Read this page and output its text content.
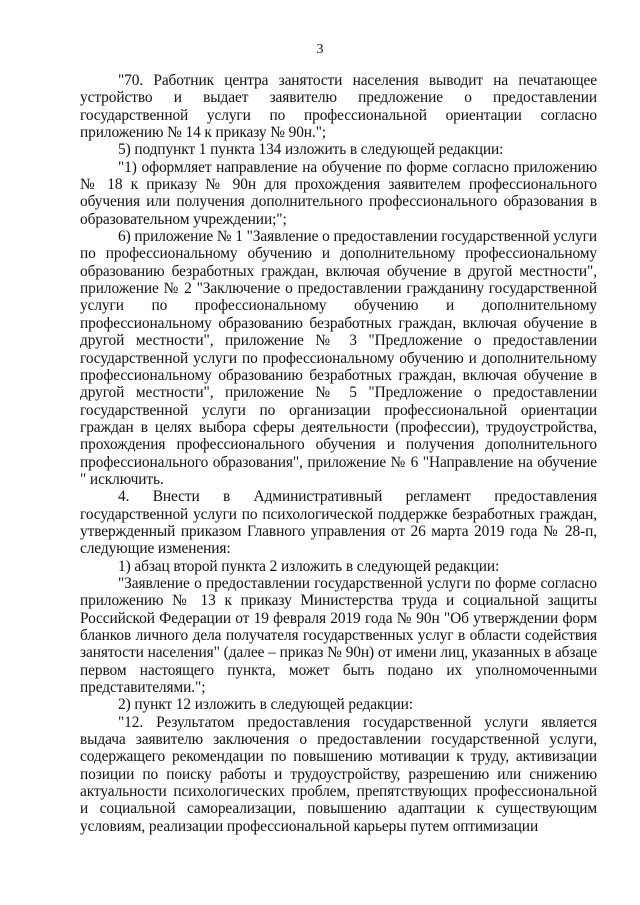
3

"70. Работник центра занятости населения выводит на печатающее устройство и выдает заявителю предложение о предоставлении государственной услуги по профессиональной ориентации согласно приложению № 14 к приказу № 90н.";

5) подпункт 1 пункта 134 изложить в следующей редакции:

"1) оформляет направление на обучение по форме согласно приложению № 18 к приказу № 90н для прохождения заявителем профессионального обучения или получения дополнительного профессионального образования в образовательном учреждении;";

6) приложение № 1 "Заявление о предоставлении государственной услуги по профессиональному обучению и дополнительному профессиональному образованию безработных граждан, включая обучение в другой местности", приложение № 2 "Заключение о предоставлении гражданину государственной услуги по профессиональному обучению и дополнительному профессиональному образованию безработных граждан, включая обучение в другой местности", приложение № 3 "Предложение о предоставлении государственной услуги по профессиональному обучению и дополнительному профессиональному образованию безработных граждан, включая обучение в другой местности", приложение № 5 "Предложение о предоставлении государственной услуги по организации профессиональной ориентации граждан в целях выбора сферы деятельности (профессии), трудоустройства, прохождения профессионального обучения и получения дополнительного профессионального образования", приложение № 6 "Направление на обучение " исключить.

4. Внести в Административный регламент предоставления государственной услуги по психологической поддержке безработных граждан, утвержденный приказом Главного управления от 26 марта 2019 года № 28-п, следующие изменения:

1) абзац второй пункта 2 изложить в следующей редакции:

"Заявление о предоставлении государственной услуги по форме согласно приложению № 13 к приказу Министерства труда и социальной защиты Российской Федерации от 19 февраля 2019 года № 90н "Об утверждении форм бланков личного дела получателя государственных услуг в области содействия занятости населения" (далее – приказ № 90н) от имени лиц, указанных в абзаце первом настоящего пункта, может быть подано их уполномоченными представителями.";

2) пункт 12 изложить в следующей редакции:

"12. Результатом предоставления государственной услуги является выдача заявителю заключения о предоставлении государственной услуги, содержащего рекомендации по повышению мотивации к труду, активизации позиции по поиску работы и трудоустройству, разрешению или снижению актуальности психологических проблем, препятствующих профессиональной и социальной самореализации, повышению адаптации к существующим условиям, реализации профессиональной карьеры путем оптимизации
